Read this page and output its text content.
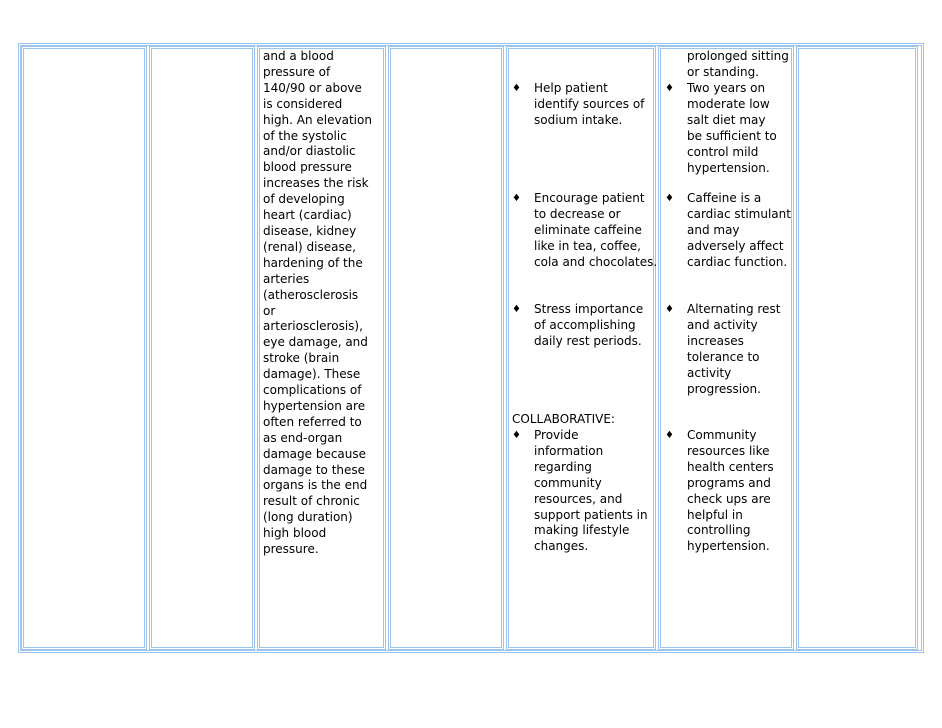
and a blood pressure of 140/90 or above is considered high. An elevation of the systolic and/or diastolic blood pressure increases the risk of developing heart (cardiac) disease, kidney (renal) disease, hardening of the arteries (atherosclerosis or arteriosclerosis), eye damage, and stroke (brain damage). These complications of hypertension are often referred to as end-organ damage because damage to these organs is the end result of chronic (long duration) high blood pressure.
♦ Help patient identify sources of sodium intake.
♦ Encourage patient to decrease or eliminate caffeine like in tea, coffee, cola and chocolates.
♦ Stress importance of accomplishing daily rest periods.
COLLABORATIVE:
♦ Provide information regarding community resources, and support patients in making lifestyle changes.
prolonged sitting or standing.
♦ Two years on moderate low salt diet may be sufficient to control mild hypertension.
♦ Caffeine is a cardiac stimulant and may adversely affect cardiac function.
♦ Alternating rest and activity increases tolerance to activity progression.
♦ Community resources like health centers programs and check ups are helpful in controlling hypertension.
